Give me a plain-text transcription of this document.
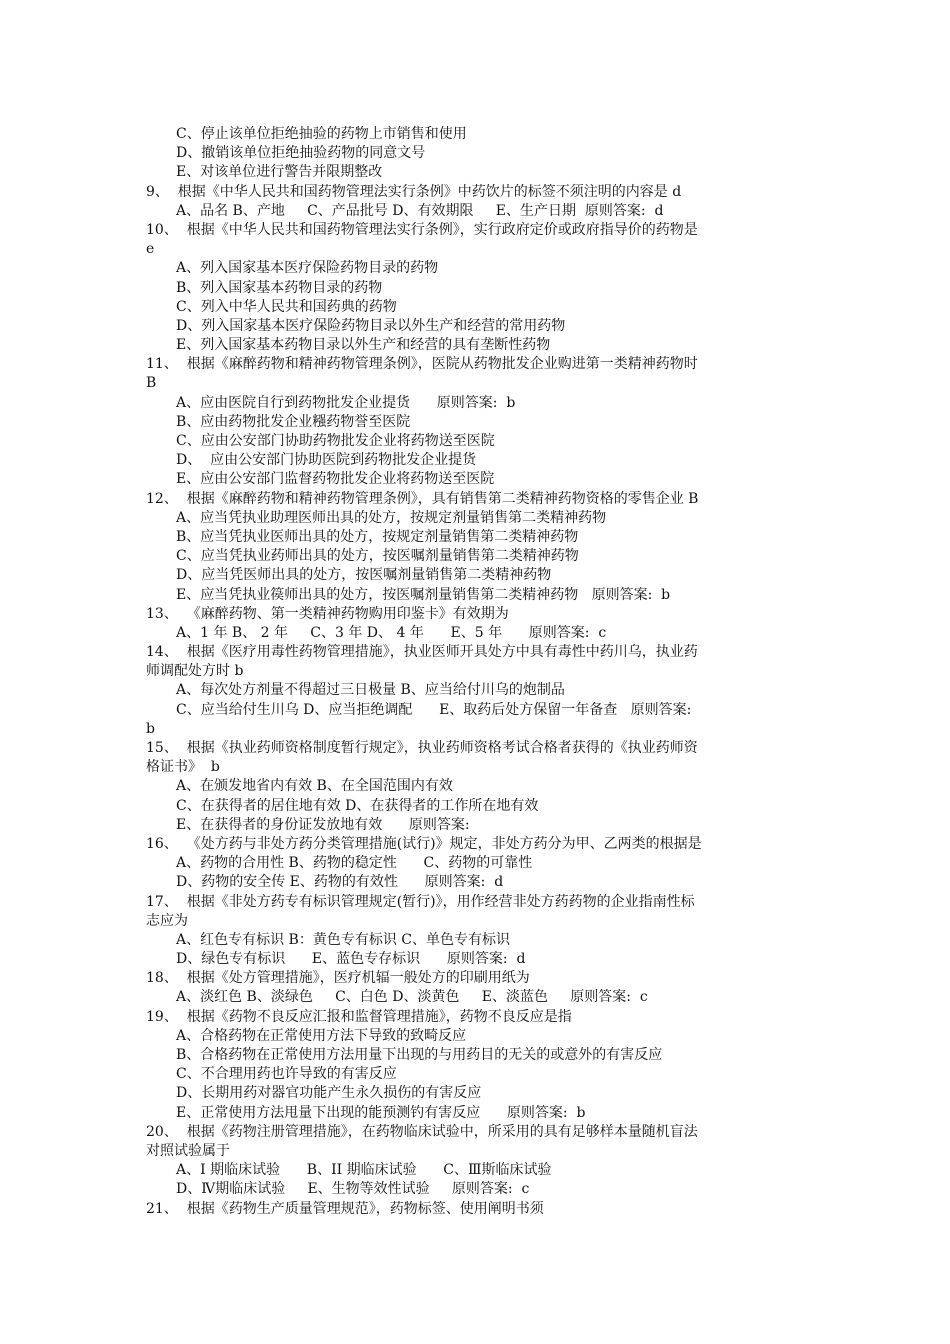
C、停止该单位拒绝抽验的药物上市销售和使用
D、撤销该单位拒绝抽验药物的同意文号
E、对该单位进行警告并限期整改
9、  根据《中华人民共和国药物管理法实行条例》中药饮片的标签不须注明的内容是 d
A、品名 B、产地     C、产品批号 D、有效期限     E、生产日期  原则答案:  d
10、  根据《中华人民共和国药物管理法实行条例》，实行政府定价或政府指导价的药物是
e
A、列入国家基本医疗保险药物目录的药物
B、列入国家基本药物目录的药物
C、列入中华人民共和国药典的药物
D、列入国家基本医疗保险药物目录以外生产和经营的常用药物
E、列入国家基本药物目录以外生产和经营的具有垄断性药物
11、  根据《麻醉药物和精神药物管理条例》，医院从药物批发企业购进第一类精神药物时
B
A、应由医院自行到药物批发企业提货      原则答案:  b
B、应由药物批发企业糨药物誉至医院
C、应由公安部门协助药物批发企业将药物送至医院
D、  应由公安部门协助医院到药物批发企业提货
E、应由公安部门监督药物批发企业将药物送至医院
12、  根据《麻醉药物和精神药物管理条例》，具有销售第二类精神药物资格的零售企业 B
A、应当凭执业助理医师出具的处方，按规定剂量销售第二类精神药物
B、应当凭执业医师出具的处方，按规定剂量销售第二类精神药物
C、应当凭执业药师出具的处方，按医嘱剂量销售第二类精神药物
D、应当凭医师出具的处方，按医嘱剂量销售第二类精神药物
E、应当凭执业篌师出具的处方，按医嘱剂量销售第二类精神药物   原则答案:  b
13、  《麻醉药物、第一类精神药物购用印鉴卡》有效期为
A、1 年 B、 2 年     C、3 年 D、 4 年      E、5 年      原则答案:  c
14、  根据《医疗用毒性药物管理措施》，执业医师开具处方中具有毒性中药川乌，执业药
师调配处方时 b
A、每次处方剂量不得超过三日极量 B、应当给付川乌的炮制品
C、应当给付生川乌 D、应当拒绝调配      E、取药后处方保留一年备查   原则答案:
b
15、  根据《执业药师资格制度暂行规定》，执业药师资格考试合格者获得的《执业药师资
格证书》  b
A、在颁发地省内有效 B、在全国范围内有效
C、在获得者的居住地有效 D、在获得者的工作所在地有效
E、在获得者的身份证发放地有效      原则答案:
16、  《处方药与非处方药分类管理措施(试行)》规定，非处方药分为甲、乙两类的根据是
A、药物的合用性 B、药物的稳定性      C、药物的可靠性
D、药物的安全传 E、药物的有效性      原则答案:  d
17、  根据《非处方药专有标识管理规定(暂行)》，用作经营非处方药药物的企业指南性标
志应为
A、红色专有标识 B：黄色专有标识 C、单色专有标识
D、绿色专有标识      E、蓝色专存标识      原则答案:  d
18、  根据《处方管理措施》，医疗机辐一般处方的印刷用纸为
A、淡红色 B、淡绿色     C、白色 D、淡黄色     E、淡蓝色     原则答案:  c
19、  根据《药物不良反应汇报和监督管理措施》，药物不良反应是指
A、合格药物在正常使用方法下导致的致畸反应
B、合格药物在正常使用方法用量下出现的与用药目的无关的或意外的有害反应
C、不合理用药也许导致的有害反应
D、长期用药对器官功能产生永久损伤的有害反应
E、正常使用方法甩量下出现的能预测钓有害反应      原则答案:  b
20、  根据《药物注册管理措施》，在药物临床试验中，所采用的具有足够样本量随机盲法
对照试验属于
A、I 期临床试验      B、II 期临床试验      C、Ⅲ斯临床试验
D、Ⅳ期临床试验     E、生物等效性试验     原则答案:  c
21、  根据《药物生产质量管理规范》，药物标签、使用阐明书须
